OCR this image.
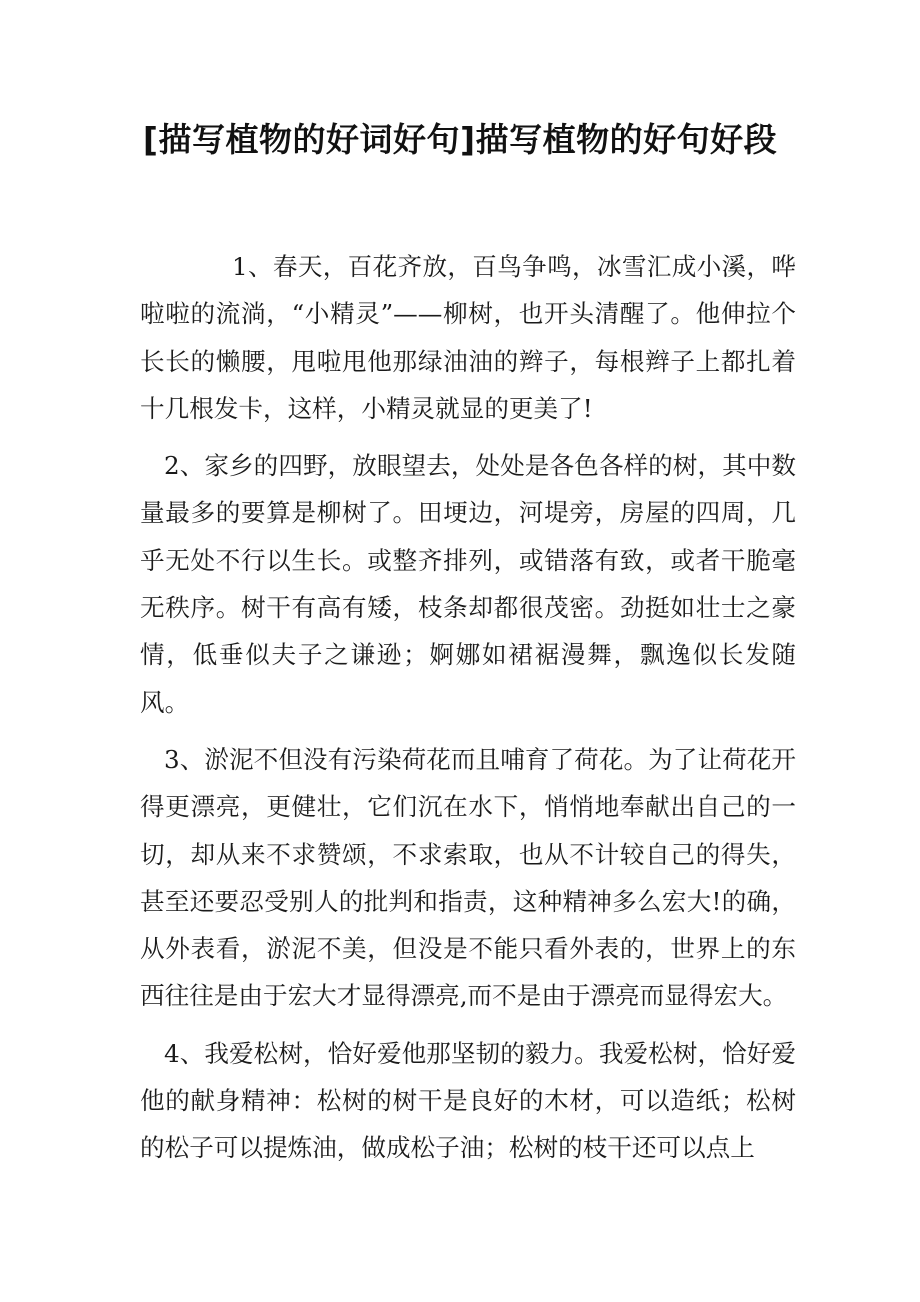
[描写植物的好词好句]描写植物的好句好段

1、春天，百花齐放，百鸟争鸣，冰雪汇成小溪，哗啦啦的流淌，“小精灵”——柳树，也开头清醒了。他伸拉个长长的懒腰，甩啦甩他那绿油油的辫子，每根辫子上都扎着十几根发卡，这样，小精灵就显的更美了!

2、家乡的四野，放眼望去，处处是各色各样的树，其中数量最多的要算是柳树了。田埂边，河堤旁，房屋的四周，几乎无处不行以生长。或整齐排列，或错落有致，或者干脆毫无秩序。树干有高有矮，枝条却都很茂密。劲挺如壮士之豪情，低垂似夫子之谦逊；婀娜如裙裾漫舞，飘逸似长发随风。

3、淤泥不但没有污染荷花而且哺育了荷花。为了让荷花开得更漂亮，更健壮，它们沉在水下，悄悄地奉献出自己的一切，却从来不求赞颂，不求索取，也从不计较自己的得失，甚至还要忍受别人的批判和指责，这种精神多么宏大!的确，从外表看，淤泥不美，但没是不能只看外表的，世界上的东西往往是由于宏大才显得漂亮,而不是由于漂亮而显得宏大。

4、我爱松树，恰好爱他那坚韧的毅力。我爱松树，恰好爱他的献身精神：松树的树干是良好的木材，可以造纸；松树的松子可以提炼油，做成松子油；松树的枝干还可以点上
